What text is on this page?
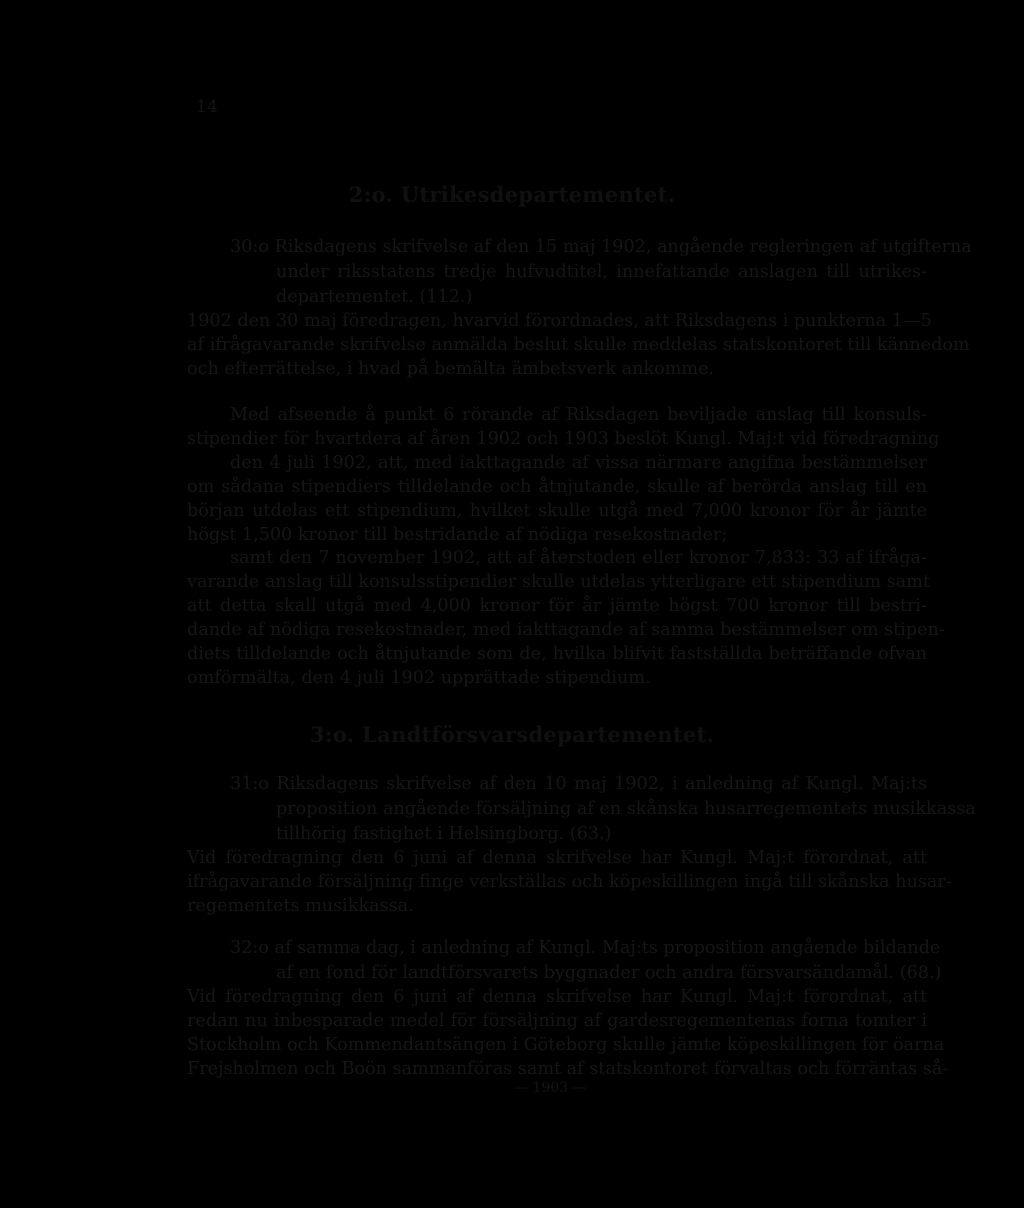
14
2:o. Utrikesdepartementet.
30:o Riksdagens skrifvelse af den 15 maj 1902, angående regleringen af utgifterna
under riksstatens tredje hufvudtitel, innefattande anslagen till utrikes-
departementet. (112.)
1902 den 30 maj föredragen, hvarvid förordnades, att Riksdagens i punkterna 1—5
af ifrågavarande skrifvelse anmälda beslut skulle meddelas statskontoret till kännedom
och efterrättelse, i hvad på bemälta ämbetsverk ankomme.
Med afseende å punkt 6 rörande af Riksdagen beviljade anslag till konsuls-
stipendier för hvartdera af åren 1902 och 1903 beslöt Kungl. Maj:t vid föredragning
den 4 juli 1902, att, med iakttagande af vissa närmare angifna bestämmelser
om sådana stipendiers tilldelande och åtnjutande, skulle af berörda anslag till en
början utdelas ett stipendium, hvilket skulle utgå med 7,000 kronor för år jämte
högst 1,500 kronor till bestridande af nödiga resekostnader;
samt den 7 november 1902, att af återstoden eller kronor 7,833: 33 af ifråga-
varande anslag till konsulsstipendier skulle utdelas ytterligare ett stipendium samt
att detta skall utgå med 4,000 kronor för år jämte högst 700 kronor till bestri-
dande af nödiga resekostnader, med iakttagande af samma bestämmelser om stipen-
diets tilldelande och åtnjutande som de, hvilka blifvit fastställda beträffande ofvan
omförmälta, den 4 juli 1902 upprättade stipendium.
3:o. Landtförsvarsdepartementet.
31:o Riksdagens skrifvelse af den 10 maj 1902, i anledning af Kungl. Maj:ts
proposition angående försäljning af en skånska husarregementets musikkassa
tillhörig fastighet i Helsingborg. (63.)
Vid föredragning den 6 juni af denna skrifvelse har Kungl. Maj:t förordnat, att
ifrågavarande försäljning finge verkställas och köpeskillingen ingå till skånska husar-
regementets musikkassa.
32:o af samma dag, i anledning af Kungl. Maj:ts proposition angående bildande
af en fond för landtförsvarets byggnader och andra försvarsändamål. (68.)
Vid föredragning den 6 juni af denna skrifvelse har Kungl. Maj:t förordnat, att
redan nu inbesparade medel för försäljning af gardesregementenas forna tomter i
Stockholm och Kommendantsängen i Göteborg skulle jämte köpeskillingen för öarna
Frejsholmen och Boön sammanföras samt af statskontoret förvaltas och förräntas så-
— 1903 —
